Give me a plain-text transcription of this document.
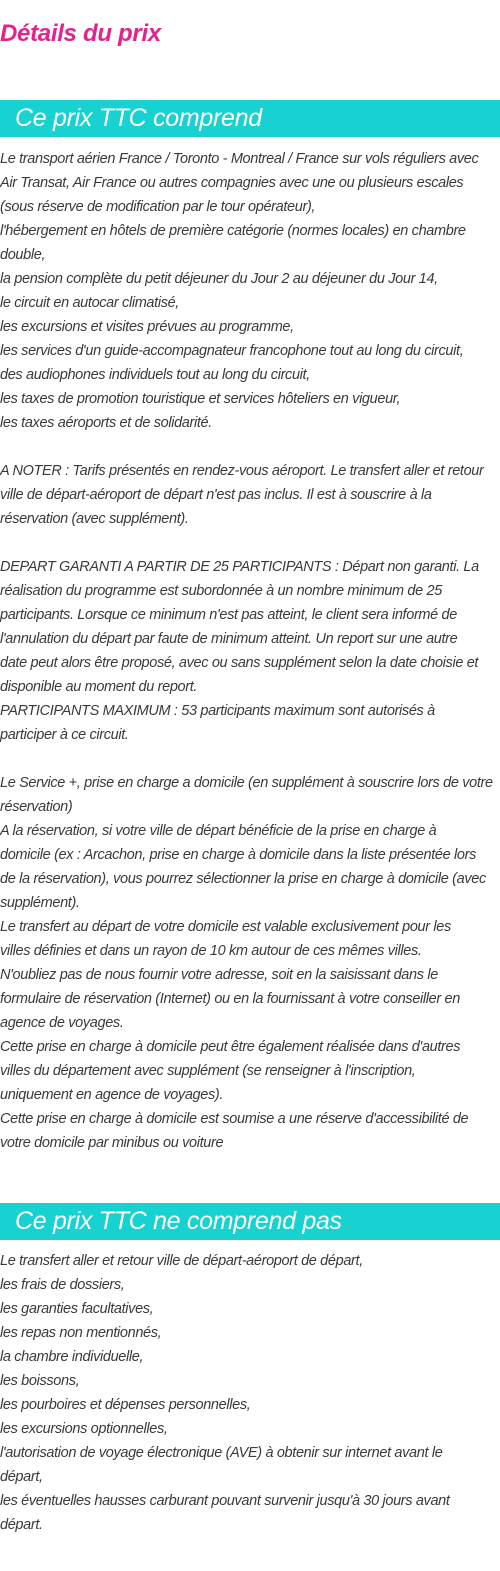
Détails du prix
Ce prix TTC comprend
Le transport aérien France / Toronto - Montreal / France sur vols réguliers avec
Air Transat, Air France ou autres compagnies avec une ou plusieurs escales
(sous réserve de modification par le tour opérateur),
l'hébergement en hôtels de première catégorie (normes locales) en chambre
double,
la pension complète du petit déjeuner du Jour 2 au déjeuner du Jour 14,
le circuit en autocar climatisé,
les excursions et visites prévues au programme,
les services d'un guide-accompagnateur francophone tout au long du circuit,
des audiophones individuels tout au long du circuit,
les taxes de promotion touristique et services hôteliers en vigueur,
les taxes aéroports et de solidarité.
A NOTER : Tarifs présentés en rendez-vous aéroport. Le transfert aller et retour
ville de départ-aéroport de départ n'est pas inclus. Il est à souscrire à la
réservation (avec supplément).
DEPART GARANTI A PARTIR DE 25 PARTICIPANTS : Départ non garanti. La
réalisation du programme est subordonnée à un nombre minimum de 25
participants. Lorsque ce minimum n'est pas atteint, le client sera informé de
l'annulation du départ par faute de minimum atteint. Un report sur une autre
date peut alors être proposé, avec ou sans supplément selon la date choisie et
disponible au moment du report.
PARTICIPANTS MAXIMUM : 53 participants maximum sont autorisés à
participer à ce circuit.
Le Service +, prise en charge a domicile (en supplément à souscrire lors de votre
réservation)
A la réservation, si votre ville de départ bénéficie de la prise en charge à
domicile (ex : Arcachon, prise en charge à domicile dans la liste présentée lors
de la réservation), vous pourrez sélectionner la prise en charge à domicile (avec
supplément).
Le transfert au départ de votre domicile est valable exclusivement pour les
villes définies et dans un rayon de 10 km autour de ces mêmes villes.
N'oubliez pas de nous fournir votre adresse, soit en la saisissant dans le
formulaire de réservation (Internet) ou en la fournissant à votre conseiller en
agence de voyages.
Cette prise en charge à domicile peut être également réalisée dans d'autres
villes du département avec supplément (se renseigner à l'inscription,
uniquement en agence de voyages).
Cette prise en charge à domicile est soumise a une réserve d'accessibilité de
votre domicile par minibus ou voiture
Ce prix TTC ne comprend pas
Le transfert aller et retour ville de départ-aéroport de départ,
les frais de dossiers,
les garanties facultatives,
les repas non mentionnés,
la chambre individuelle,
les boissons,
les pourboires et dépenses personnelles,
les excursions optionnelles,
l'autorisation de voyage électronique (AVE) à obtenir sur internet avant le
départ,
les éventuelles hausses carburant pouvant survenir jusqu'à 30 jours avant
départ.
